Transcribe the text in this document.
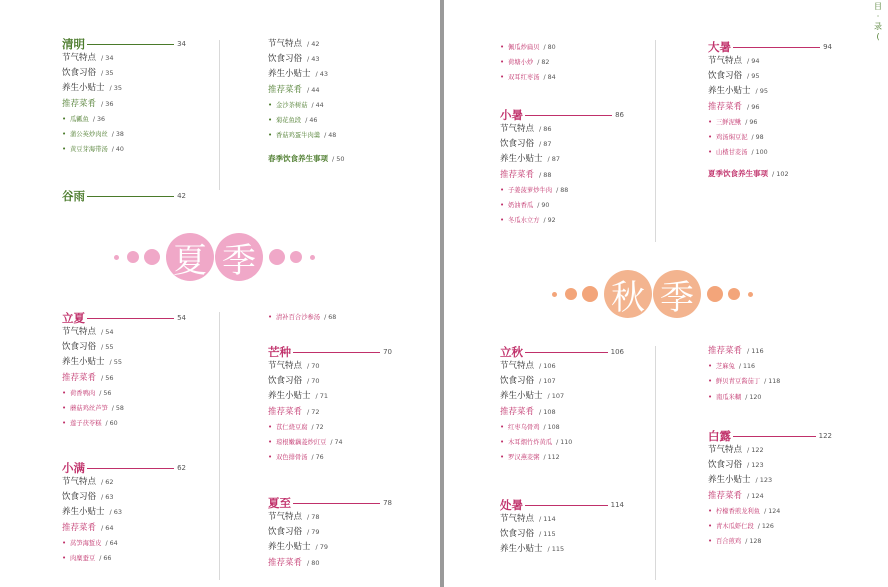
清明	34
节气特点 / 34
饮食习俗 / 35
养生小贴士 / 35
推荐菜肴 / 36
• 瓜瓤鱼 / 36
• 蒲公英炒肉丝 / 38
• 黄豆芽海带汤 / 40
谷雨	42
节气特点 / 42
饮食习俗 / 43
养生小贴士 / 43
推荐菜肴 / 44
• 金沙茶树菇 / 44
• 菊花鱼段 / 46
• 香菇鸡蛋牛肉羹 / 48
春季饮食养生事项 / 50
夏 季
立夏	54
节气特点 / 54
饮食习俗 / 55
养生小贴士 / 55
推荐菜肴 / 56
• 荷香鸭肉 / 56
• 蘑菇鸡丝芦笋 / 58
• 莲子茯苓糕 / 60
小满	62
节气特点 / 62
饮食习俗 / 63
养生小贴士 / 63
推荐菜肴 / 64
• 莴笋海蜇皮 / 64
• 肉糜蚕豆 / 66
• 清补百合沙参汤 / 68
芒种	70
节气特点 / 70
饮食习俗 / 70
养生小贴士 / 71
推荐菜肴 / 72
• 苡仁烧豆腐 / 72
• 琼根嫩藕菱炒豇豆 / 74
• 双色排骨汤 / 76
夏至	78
节气特点 / 78
饮食习俗 / 79
养生小贴士 / 79
推荐菜肴 / 80
目
·
录
(
• 佩瓜炒扁贝 / 80
• 荷塘小炒 / 82
• 双耳红枣汤 / 84
小暑	86
节气特点 / 86
饮食习俗 / 87
养生小贴士 / 87
推荐菜肴 / 88
• 子姜菠萝炒牛肉 / 88
• 奶油香瓜 / 90
• 冬瓜水立方 / 92
大暑	94
节气特点 / 94
饮食习俗 / 95
养生小贴士 / 95
推荐菜肴 / 96
• 三鲜泥鳅 / 96
• 鸡汤焖豆泥 / 98
• 山楂甘麦汤 / 100
夏季饮食养生事项 / 102
秋 季
立秋	106
节气特点 / 106
饮食习俗 / 107
养生小贴士 / 107
推荐菜肴 / 108
• 红枣乌骨鸡 / 108
• 木耳烟竹炸黄瓜 / 110
• 罗汉燕麦粥 / 112
处暑	114
节气特点 / 114
饮食习俗 / 115
养生小贴士 / 115
推荐菜肴 / 116
• 芝麻兔 / 116
• 鲜贝青豆酱茄丁 / 118
• 南瓜米糊 / 120
白露	122
节气特点 / 122
饮食习俗 / 123
养生小贴士 / 123
推荐菜肴 / 124
• 柠檬香煎龙利鱼 / 124
• 青木瓜虾仁段 / 126
• 百合煎鸡 / 128
